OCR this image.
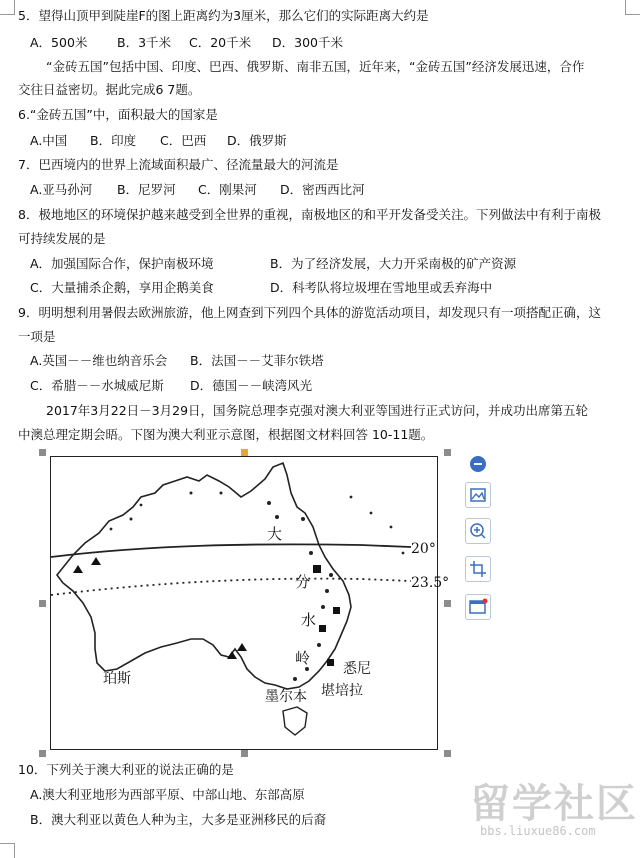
5．望得山顶甲到陡崖F的图上距离约为3厘米，那么它们的实际距离大约是
A．500米 B．3千米 C．20千米 D．300千米
“金砖五国”包括中国、印度、巴西、俄罗斯、南非五国，近年来，“金砖五国”经济发展迅速，合作
交往日益密切。据此完成6 7题。
6.“金砖五国”中，面积最大的国家是
A.中国 B．印度 C．巴西 D．俄罗斯
7．巴西境内的世界上流域面积最广、径流量最大的河流是
A.亚马孙河 B．尼罗河 C．刚果河 D．密西西比河
8．极地地区的环境保护越来越受到全世界的重视，南极地区的和平开发备受关注。下列做法中有利于南极
可持续发展的是
A．加强国际合作，保护南极环境	B．为了经济发展，大力开采南极的矿产资源
C．大量捕杀企鹅，享用企鹅美食	D．科考队将垃圾埋在雪地里或丢弃海中
9．明明想利用暑假去欧洲旅游，他上网查到下列四个具体的游览活动项目，却发现只有一项搭配正确，这
一项是
A.英国－－维也纳音乐会 B．法国－－艾菲尔铁塔
C．希腊－－水城威尼斯 D．德国－－峡湾风光
2017年3月22日－3月29日，国务院总理李克强对澳大利亚等国进行正式访问，并成功出席第五轮
中澳总理定期会晤。下图为澳大利亚示意图，根据图文材料回答 10-11题。
大
分
水
岭
20°
23.5°
珀斯
墨尔本
悉尼
堪培拉
10．下列关于澳大利亚的说法正确的是
A.澳大利亚地形为西部平原、中部山地、东部高原
B．澳大利亚以黄色人种为主，大多是亚洲移民的后裔	留学社区
bbs.liuxue86.com
